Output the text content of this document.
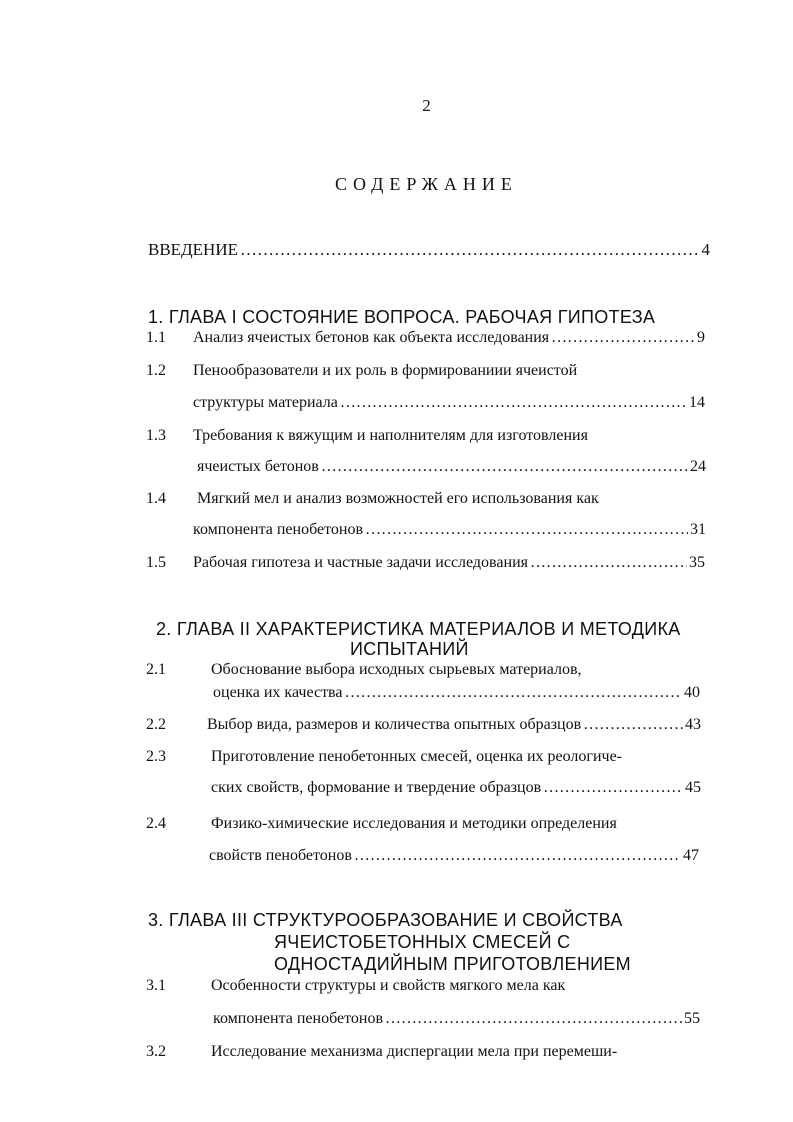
2
СОДЕРЖАНИЕ
ВВЕДЕНИЕ ……………………………………………………………………………………………………………………………………………	4
1. ГЛАВА I СОСТОЯНИЕ ВОПРОСА. РАБОЧАЯ ГИПОТЕЗА
1.1 Анализ ячеистых бетонов как объекта исследования ……………………………………………………………………………………………………………………………………………	9
1.2 Пенообразователи и их роль в формированиии ячеистой
структуры материала ……………………………………………………………………………………………………………………………………………	14
1.3 Требования к вяжущим и наполнителям для изготовления
ячеистых бетонов ……………………………………………………………………………………………………………………………………………	24
1.4 Мягкий мел и анализ возможностей его использования как
компонента пенобетонов ……………………………………………………………………………………………………………………………………………	31
1.5 Рабочая гипотеза и частные задачи исследования ……………………………………………………………………………………………………………………………………………	35
2. ГЛАВА II ХАРАКТЕРИСТИКА МАТЕРИАЛОВ И МЕТОДИКА
ИСПЫТАНИЙ
2.1	Обоснование выбора исходных сырьевых материалов,
оценка их качества ……………………………………………………………………………………………………………………………………………	40
2.2	Выбор вида, размеров и количества опытных образцов ……………………………………………………………………………………………………………………………………………	43
2.3	Приготовление пенобетонных смесей, оценка их реологиче-
ских свойств, формование и твердение образцов ……………………………………………………………………………………………………………………………………………	45
2.4	Физико-химические исследования и методики определения
свойств пенобетонов ……………………………………………………………………………………………………………………………………………	47
3. ГЛАВА III СТРУКТУРООБРАЗОВАНИЕ И СВОЙСТВА
ЯЧЕИСТОБЕТОННЫХ СМЕСЕЙ С
ОДНОСТАДИЙНЫМ ПРИГОТОВЛЕНИЕМ
3.1	Особенности структуры и свойств мягкого мела как
компонента пенобетонов ……………………………………………………………………………………………………………………………………………	55
3.2	Исследование механизма диспергации мела при перемеши-
